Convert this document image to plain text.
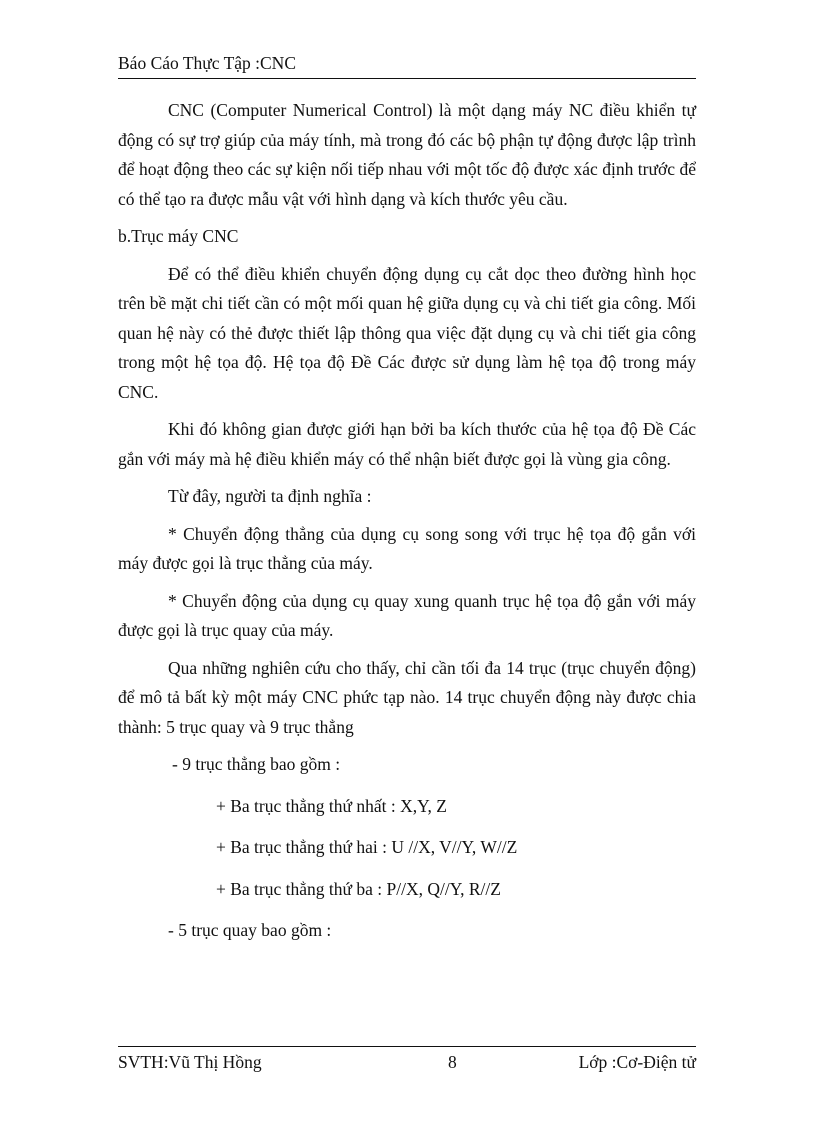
Báo Cáo Thực Tập :CNC

CNC (Computer Numerical Control) là một dạng máy NC điều khiển tự động có sự trợ giúp của máy tính, mà trong đó các bộ phận tự động được lập trình để hoạt động theo các sự kiện nối tiếp nhau với một tốc độ được xác định trước để có thể tạo ra được mẫu vật với hình dạng và kích thước yêu cầu.

b.Trục máy CNC

Để có thể điều khiển chuyển động dụng cụ cắt dọc theo đường hình học trên bề mặt chi tiết cần có một mối quan hệ giữa dụng cụ và chi tiết gia công. Mối quan hệ này có thẻ được thiết lập thông qua việc đặt dụng cụ và chi tiết gia công trong một hệ tọa độ. Hệ tọa độ Đề Các được sử dụng làm hệ tọa độ trong máy CNC.

Khi đó không gian được giới hạn bởi ba kích thước của hệ tọa độ Đề Các gắn với máy mà hệ điều khiển máy có thể nhận biết được gọi là vùng gia công.

Từ đây, người ta định nghĩa :

* Chuyển động thẳng của dụng cụ song song với trục hệ tọa độ gắn với máy được gọi là trục thẳng của máy.

* Chuyển động của dụng cụ quay xung quanh trục hệ tọa độ gắn với máy được gọi là trục quay của máy.

Qua những nghiên cứu cho thấy, chỉ cần tối đa 14 trục (trục chuyển động) để mô tả bất kỳ một máy CNC phức tạp nào. 14 trục chuyển động này được chia thành: 5 trục quay và 9 trục thẳng

- 9 trục thẳng bao gồm :

+ Ba trục thẳng thứ nhất : X,Y, Z

+ Ba trục thẳng thứ hai : U //X, V//Y, W//Z

+ Ba trục thẳng thứ ba : P//X, Q//Y, R//Z

- 5 trục quay bao gồm :

SVTH:Vũ Thị Hồng	8	Lớp :Cơ-Điện tử
